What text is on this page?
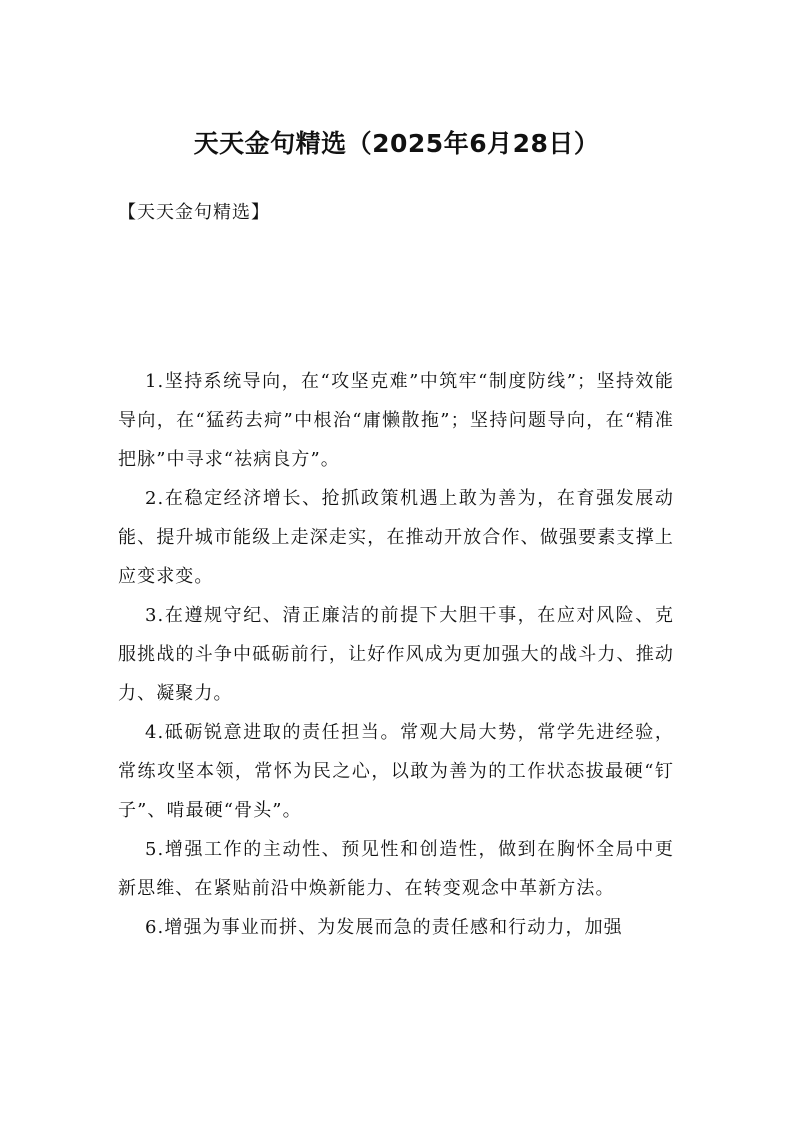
天天金句精选（2025年6月28日）
【天天金句精选】

1.坚持系统导向，在“攻坚克难”中筑牢“制度防线”；坚持效能导向，在“猛药去疴”中根治“庸懒散拖”；坚持问题导向，在“精准把脉”中寻求“祛病良方”。

2.在稳定经济增长、抢抓政策机遇上敢为善为，在育强发展动能、提升城市能级上走深走实，在推动开放合作、做强要素支撑上应变求变。

3.在遵规守纪、清正廉洁的前提下大胆干事，在应对风险、克服挑战的斗争中砥砺前行，让好作风成为更加强大的战斗力、推动力、凝聚力。

4.砥砺锐意进取的责任担当。常观大局大势，常学先进经验，常练攻坚本领，常怀为民之心，以敢为善为的工作状态拔最硬“钉子”、啃最硬“骨头”。

5.增强工作的主动性、预见性和创造性，做到在胸怀全局中更新思维、在紧贴前沿中焕新能力、在转变观念中革新方法。

6.增强为事业而拼、为发展而急的责任感和行动力，加强
